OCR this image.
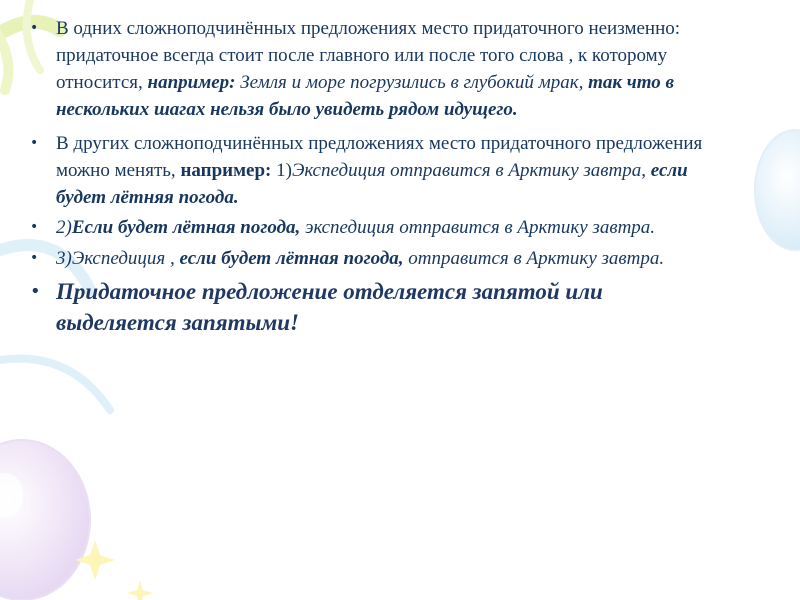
• В одних сложноподчинённых предложениях место придаточного неизменно: придаточное всегда стоит после главного или после того слова , к которому относится, например: Земля и море погрузились в глубокий мрак, так что в нескольких шагах нельзя было увидеть рядом идущего.

• В других сложноподчинённых предложениях место придаточного предложения можно менять, например: 1)Экспедиция отправится в Арктику завтра, если будет лётняя погода.

• 2)Если будет лётная погода, экспедиция отправится в Арктику завтра.

• 3)Экспедиция , если будет лётная погода, отправится в Арктику завтра.

• Придаточное предложение отделяется запятой или выделяется запятыми!
